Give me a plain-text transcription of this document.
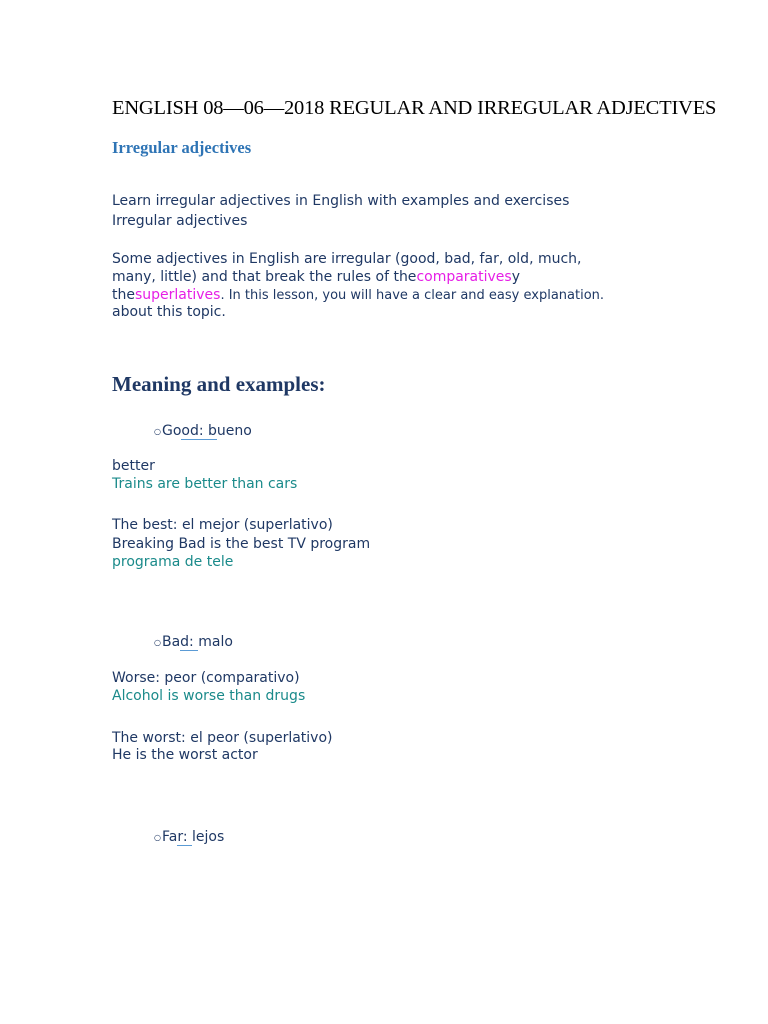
ENGLISH 08—06—2018 REGULAR AND IRREGULAR ADJECTIVES
Irregular adjectives
Learn irregular adjectives in English with examples and exercises
Irregular adjectives
Some adjectives in English are irregular (good, bad, far, old, much,
many, little) and that break the rules of thecomparativesy
thesuperlatives. In this lesson, you will have a clear and easy explanation.
about this topic.
Meaning and examples:
○Good: bueno
better
Trains are better than cars
The best: el mejor (superlativo)
Breaking Bad is the best TV program
programa de tele
○Bad: malo
Worse: peor (comparativo)
Alcohol is worse than drugs
The worst: el peor (superlativo)
He is the worst actor
○Far: lejos
